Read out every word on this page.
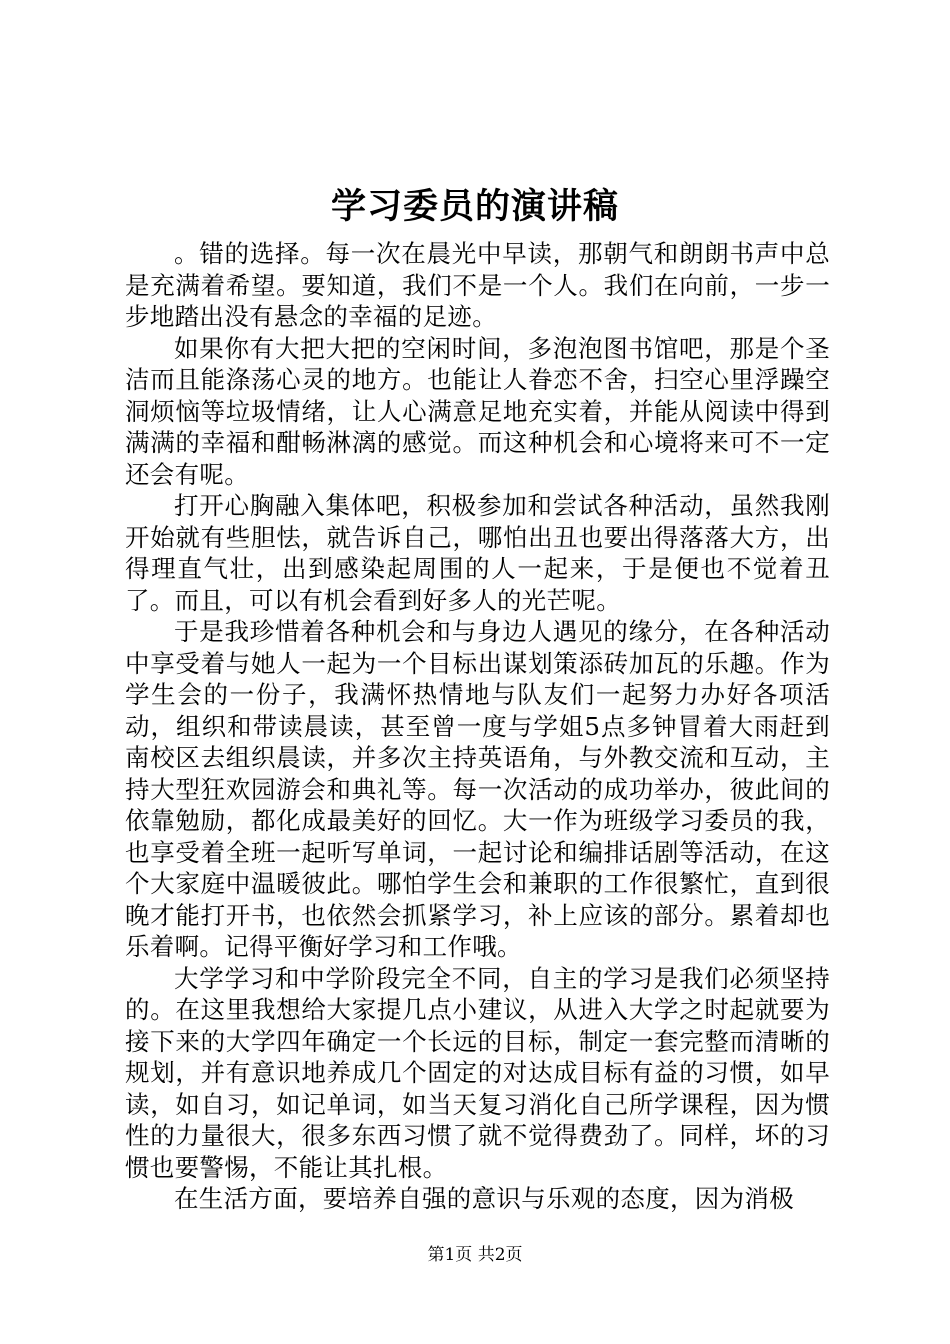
学习委员的演讲稿

。错的选择。每一次在晨光中早读，那朝气和朗朗书声中总是充满着希望。要知道，我们不是一个人。我们在向前，一步一步地踏出没有悬念的幸福的足迹。

如果你有大把大把的空闲时间，多泡泡图书馆吧，那是个圣洁而且能涤荡心灵的地方。也能让人眷恋不舍，扫空心里浮躁空洞烦恼等垃圾情绪，让人心满意足地充实着，并能从阅读中得到满满的幸福和酣畅淋漓的感觉。而这种机会和心境将来可不一定还会有呢。

打开心胸融入集体吧，积极参加和尝试各种活动，虽然我刚开始就有些胆怯，就告诉自己，哪怕出丑也要出得落落大方，出得理直气壮，出到感染起周围的人一起来，于是便也不觉着丑了。而且，可以有机会看到好多人的光芒呢。

于是我珍惜着各种机会和与身边人遇见的缘分，在各种活动中享受着与她人一起为一个目标出谋划策添砖加瓦的乐趣。作为学生会的一份子，我满怀热情地与队友们一起努力办好各项活动，组织和带读晨读，甚至曾一度与学姐5点多钟冒着大雨赶到南校区去组织晨读，并多次主持英语角，与外教交流和互动，主持大型狂欢园游会和典礼等。每一次活动的成功举办，彼此间的依靠勉励，都化成最美好的回忆。大一作为班级学习委员的我，也享受着全班一起听写单词，一起讨论和编排话剧等活动，在这个大家庭中温暖彼此。哪怕学生会和兼职的工作很繁忙，直到很晚才能打开书，也依然会抓紧学习，补上应该的部分。累着却也乐着啊。记得平衡好学习和工作哦。

大学学习和中学阶段完全不同，自主的学习是我们必须坚持的。在这里我想给大家提几点小建议，从进入大学之时起就要为接下来的大学四年确定一个长远的目标，制定一套完整而清晰的规划，并有意识地养成几个固定的对达成目标有益的习惯，如早读，如自习，如记单词，如当天复习消化自己所学课程，因为惯性的力量很大，很多东西习惯了就不觉得费劲了。同样，坏的习惯也要警惕，不能让其扎根。

在生活方面，要培养自强的意识与乐观的态度，因为消极

第1页 共2页
